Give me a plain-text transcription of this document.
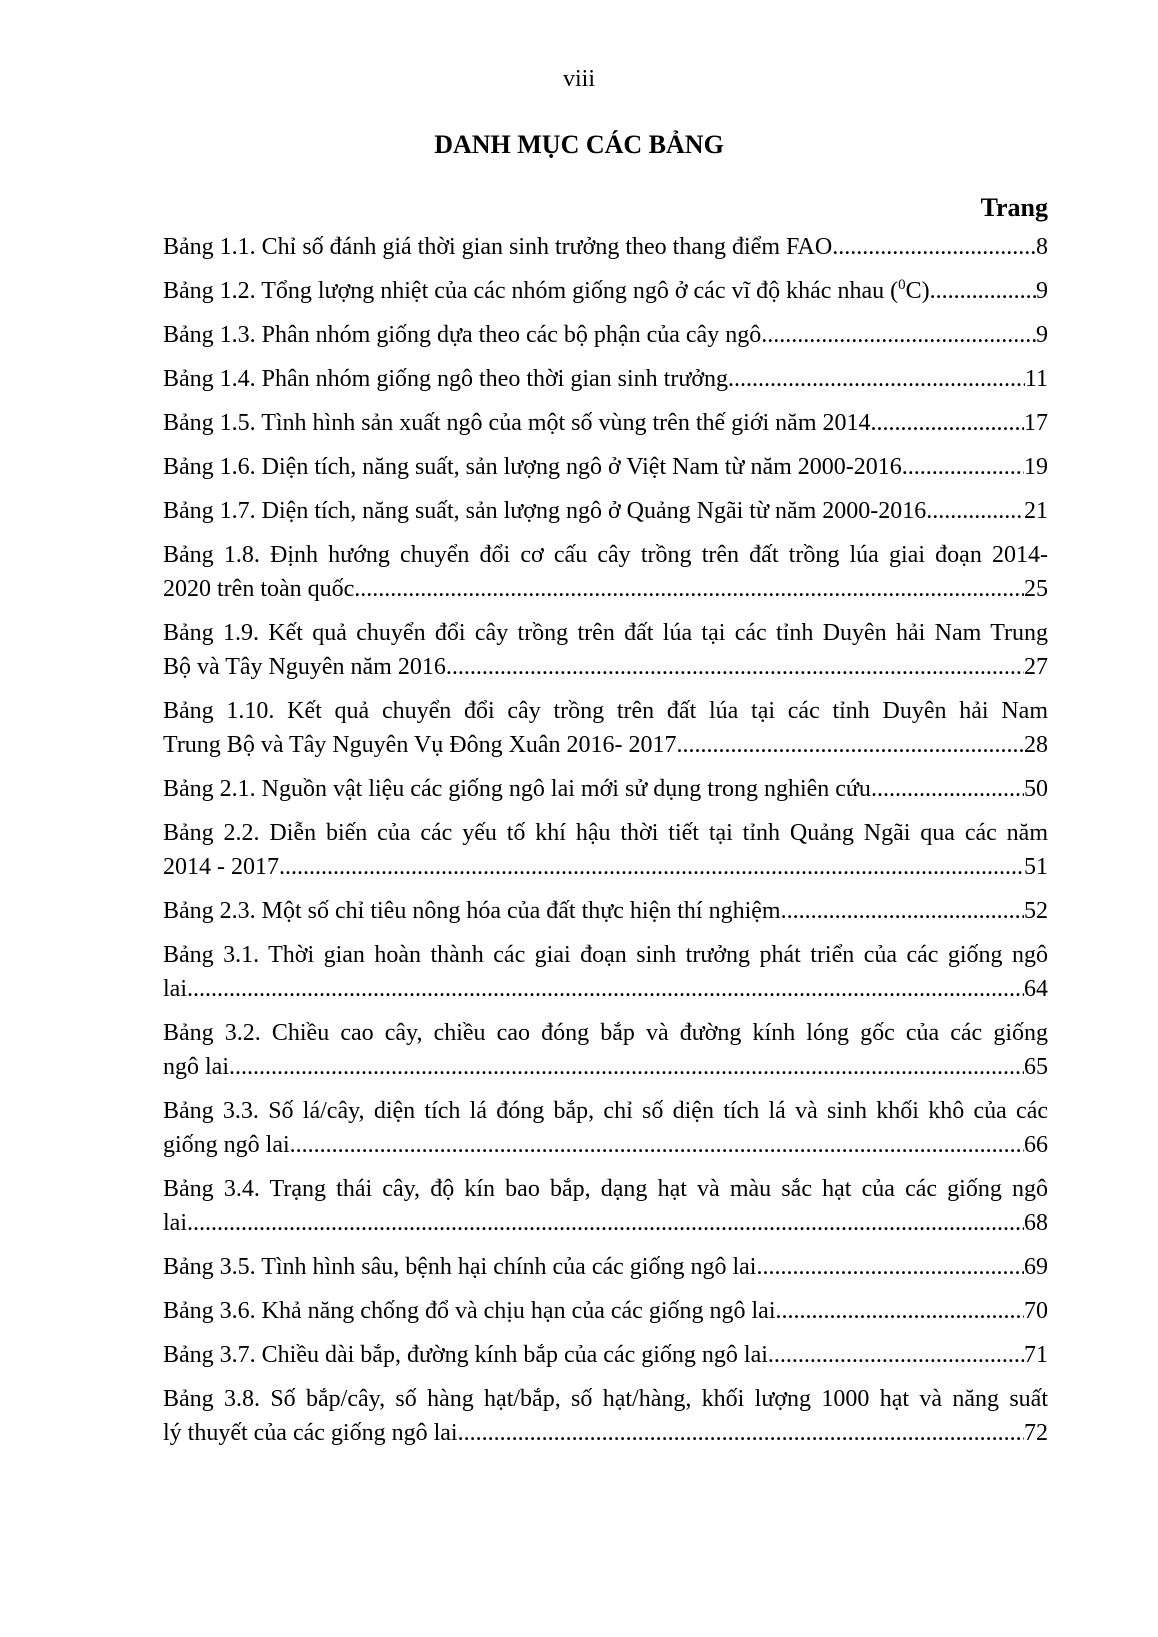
viii
DANH MỤC CÁC BẢNG
Trang
Bảng 1.1. Chỉ số đánh giá thời gian sinh trưởng theo thang điểm FAO .....	8
Bảng 1.2. Tổng lượng nhiệt của các nhóm giống ngô ở các vĩ độ khác nhau ($^0$C) .....	9
Bảng 1.3. Phân nhóm giống dựa theo các bộ phận của cây ngô .....	9
Bảng 1.4. Phân nhóm giống ngô theo thời gian sinh trưởng .....	11
Bảng 1.5. Tình hình sản xuất ngô của một số vùng trên thế giới năm 2014 .....	17
Bảng 1.6. Diện tích, năng suất, sản lượng ngô ở Việt Nam từ năm 2000-2016 .....	19
Bảng 1.7. Diện tích, năng suất, sản lượng ngô ở Quảng Ngãi từ năm 2000-2016 .....	21
Bảng 1.8. Định hướng chuyển đổi cơ cấu cây trồng trên đất trồng lúa giai đoạn 2014-
2020 trên toàn quốc .....	25
Bảng 1.9. Kết quả chuyển đổi cây trồng trên đất lúa tại các tỉnh Duyên hải Nam Trung
Bộ và Tây Nguyên năm 2016 .....	27
Bảng 1.10. Kết quả chuyển đổi cây trồng trên đất lúa tại các tỉnh Duyên hải Nam
Trung Bộ và Tây Nguyên Vụ Đông Xuân 2016- 2017 .....	28
Bảng 2.1. Nguồn vật liệu các giống ngô lai mới sử dụng trong nghiên cứu .....	50
Bảng 2.2. Diễn biến của các yếu tố khí hậu thời tiết tại tỉnh Quảng Ngãi qua các năm
2014 - 2017 .....	51
Bảng 2.3. Một số chỉ tiêu nông hóa của đất thực hiện thí nghiệm .....	52
Bảng 3.1. Thời gian hoàn thành các giai đoạn sinh trưởng phát triển của các giống ngô
lai .....	64
Bảng 3.2. Chiều cao cây, chiều cao đóng bắp và đường kính lóng gốc của các giống
ngô lai .....	65
Bảng 3.3. Số lá/cây, diện tích lá đóng bắp, chỉ số diện tích lá và sinh khối khô của các
giống ngô lai .....	66
Bảng 3.4. Trạng thái cây, độ kín bao bắp, dạng hạt và màu sắc hạt của các giống ngô
lai .....	68
Bảng 3.5. Tình hình sâu, bệnh hại chính của các giống ngô lai .....	69
Bảng 3.6. Khả năng chống đổ và chịu hạn của các giống ngô lai .....	70
Bảng 3.7. Chiều dài bắp, đường kính bắp của các giống ngô lai .....	71
Bảng 3.8. Số bắp/cây, số hàng hạt/bắp, số hạt/hàng, khối lượng 1000 hạt và năng suất
lý thuyết của các giống ngô lai .....	72
